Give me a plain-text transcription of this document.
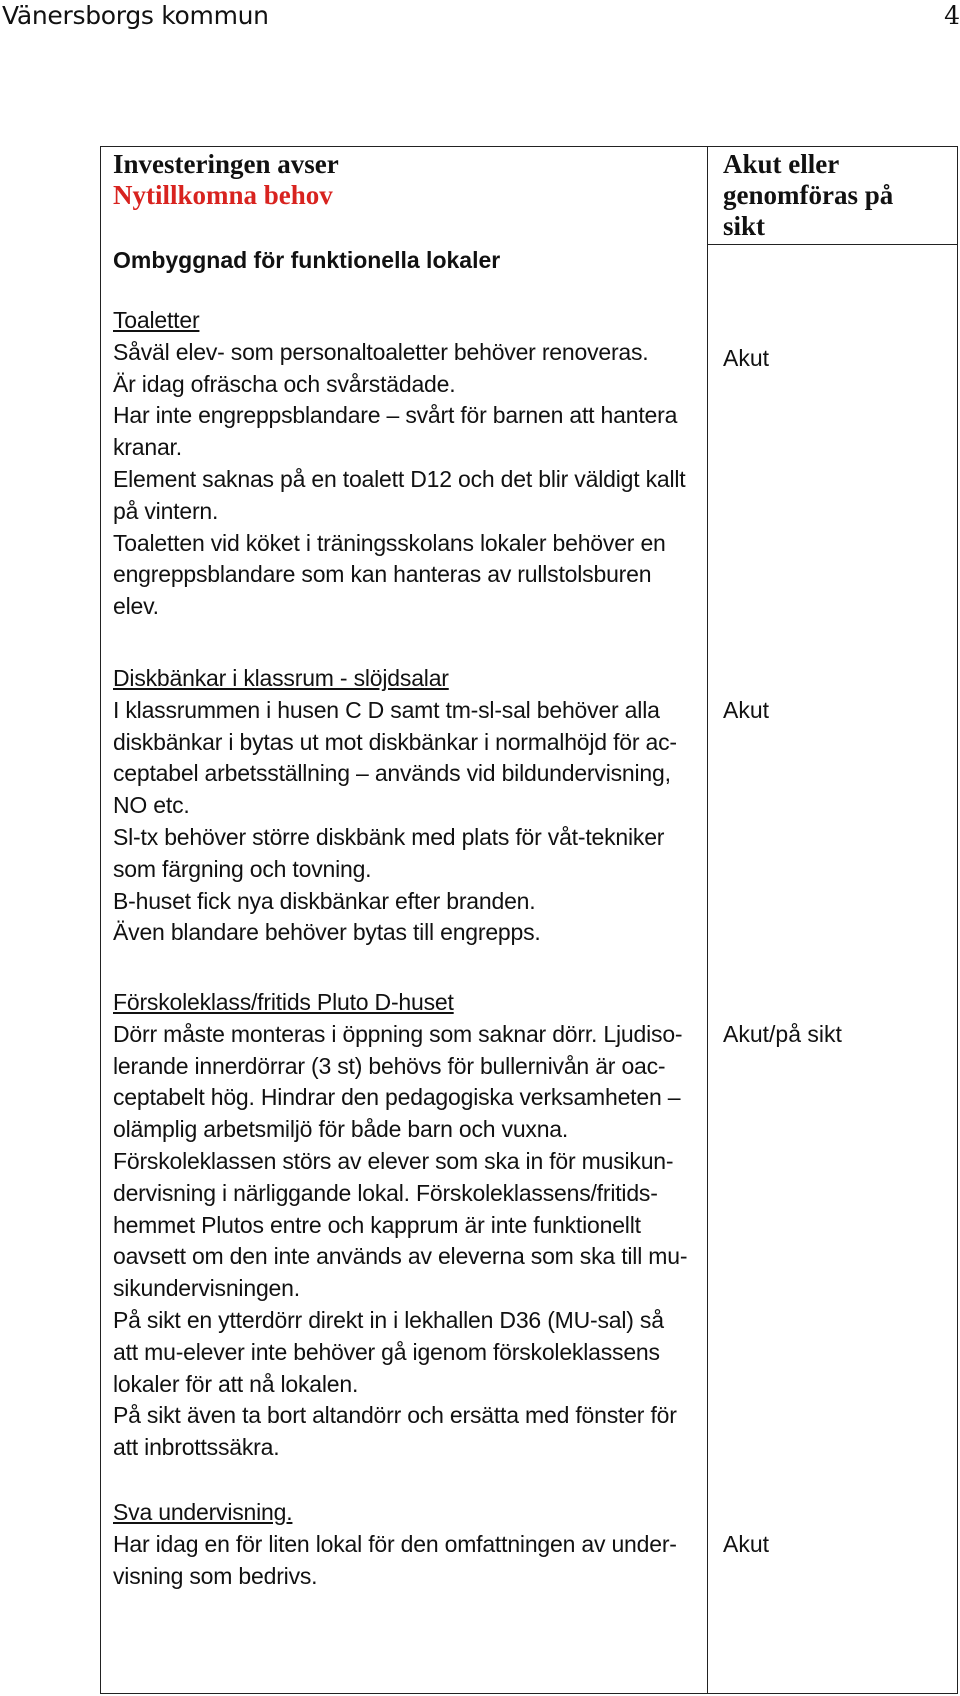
Vänersborgs kommun	4
Investeringen avser
Nytillkomna behov
Akut eller
genomföras på
sikt
Ombyggnad för funktionella lokaler
Toaletter
Såväl elev- som personaltoaletter behöver renoveras.
Är idag ofräscha och svårstädade.
Har inte engreppsblandare – svårt för barnen att hantera
kranar.
Element saknas på en toalett D12 och det blir väldigt kallt
på vintern.
Toaletten vid köket i träningsskolans lokaler behöver en
engreppsblandare som kan hanteras av rullstolsburen
elev.
Akut
Diskbänkar i klassrum - slöjdsalar
I klassrummen i husen C D samt tm-sl-sal behöver alla
diskbänkar i bytas ut mot diskbänkar i normalhöjd för ac-
ceptabel arbetsställning – används vid bildundervisning,
NO etc.
Sl-tx behöver större diskbänk med plats för våt-tekniker
som färgning och tovning.
B-huset fick nya diskbänkar efter branden.
Även blandare behöver bytas till engrepps.
Akut
Förskoleklass/fritids Pluto D-huset
Dörr måste monteras i öppning som saknar dörr. Ljudiso-
lerande innerdörrar (3 st) behövs för bullernivån är oac-
ceptabelt hög. Hindrar den pedagogiska verksamheten –
olämplig arbetsmiljö för både barn och vuxna.
Förskoleklassen störs av elever som ska in för musikun-
dervisning i närliggande lokal. Förskoleklassens/fritids-
hemmet Plutos entre och kapprum är inte funktionellt
oavsett om den inte används av eleverna som ska till mu-
sikundervisningen.
På sikt en ytterdörr direkt in i lekhallen D36 (MU-sal) så
att mu-elever inte behöver gå igenom förskoleklassens
lokaler för att nå lokalen.
På sikt även ta bort altandörr och ersätta med fönster för
att inbrottssäkra.
Akut/på sikt
Sva undervisning.
Har idag en för liten lokal för den omfattningen av under-
visning som bedrivs.
Akut
